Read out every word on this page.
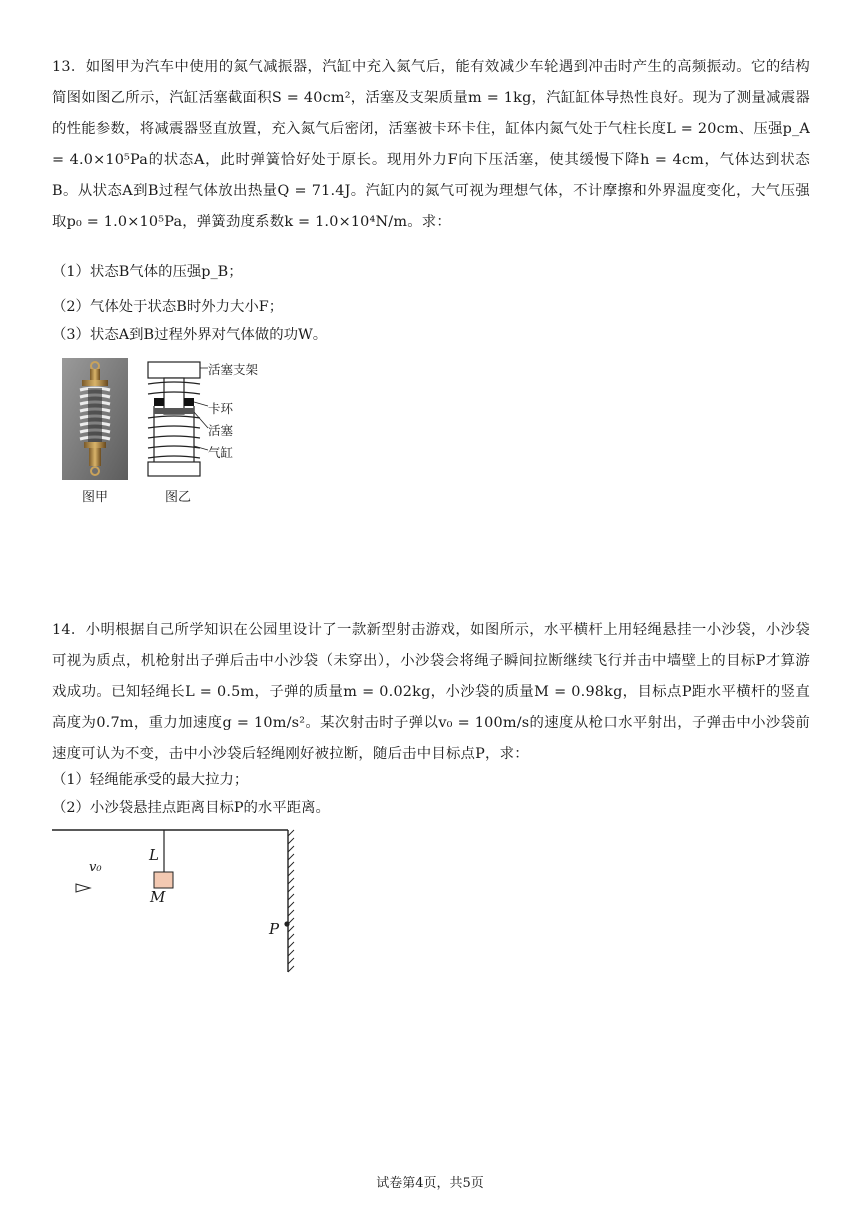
13．如图甲为汽车中使用的氮气减振器，汽缸中充入氮气后，能有效减少车轮遇到冲击时产生的高频振动。它的结构简图如图乙所示，汽缸活塞截面积S = 40cm²，活塞及支架质量m = 1kg，汽缸缸体导热性良好。现为了测量减震器的性能参数，将减震器竖直放置，充入氮气后密闭，活塞被卡环卡住，缸体内氮气处于气柱长度L = 20cm、压强p_A = 4.0×10⁵Pa的状态A，此时弹簧恰好处于原长。现用外力F向下压活塞，使其缓慢下降h = 4cm，气体达到状态B。从状态A到B过程气体放出热量Q = 71.4J。汽缸内的氮气可视为理想气体，不计摩擦和外界温度变化，大气压强取p₀ = 1.0×10⁵Pa，弹簧劲度系数k = 1.0×10⁴N/m。求：
（1）状态B气体的压强p_B；
（2）气体处于状态B时外力大小F；
（3）状态A到B过程外界对气体做的功W。
图甲
活塞支架
卡环
活塞
气缸
图乙
14．小明根据自己所学知识在公园里设计了一款新型射击游戏，如图所示，水平横杆上用轻绳悬挂一小沙袋，小沙袋可视为质点，机枪射出子弹后击中小沙袋（未穿出），小沙袋会将绳子瞬间拉断继续飞行并击中墙壁上的目标P才算游戏成功。已知轻绳长L = 0.5m，子弹的质量m = 0.02kg，小沙袋的质量M = 0.98kg，目标点P距水平横杆的竖直高度为0.7m，重力加速度g = 10m/s²。某次射击时子弹以v₀ = 100m/s的速度从枪口水平射出，子弹击中小沙袋前速度可认为不变，击中小沙袋后轻绳刚好被拉断，随后击中目标点P，求：
（1）轻绳能承受的最大拉力；
（2）小沙袋悬挂点距离目标P的水平距离。
L
M
v₀
P
试卷第4页，共5页
